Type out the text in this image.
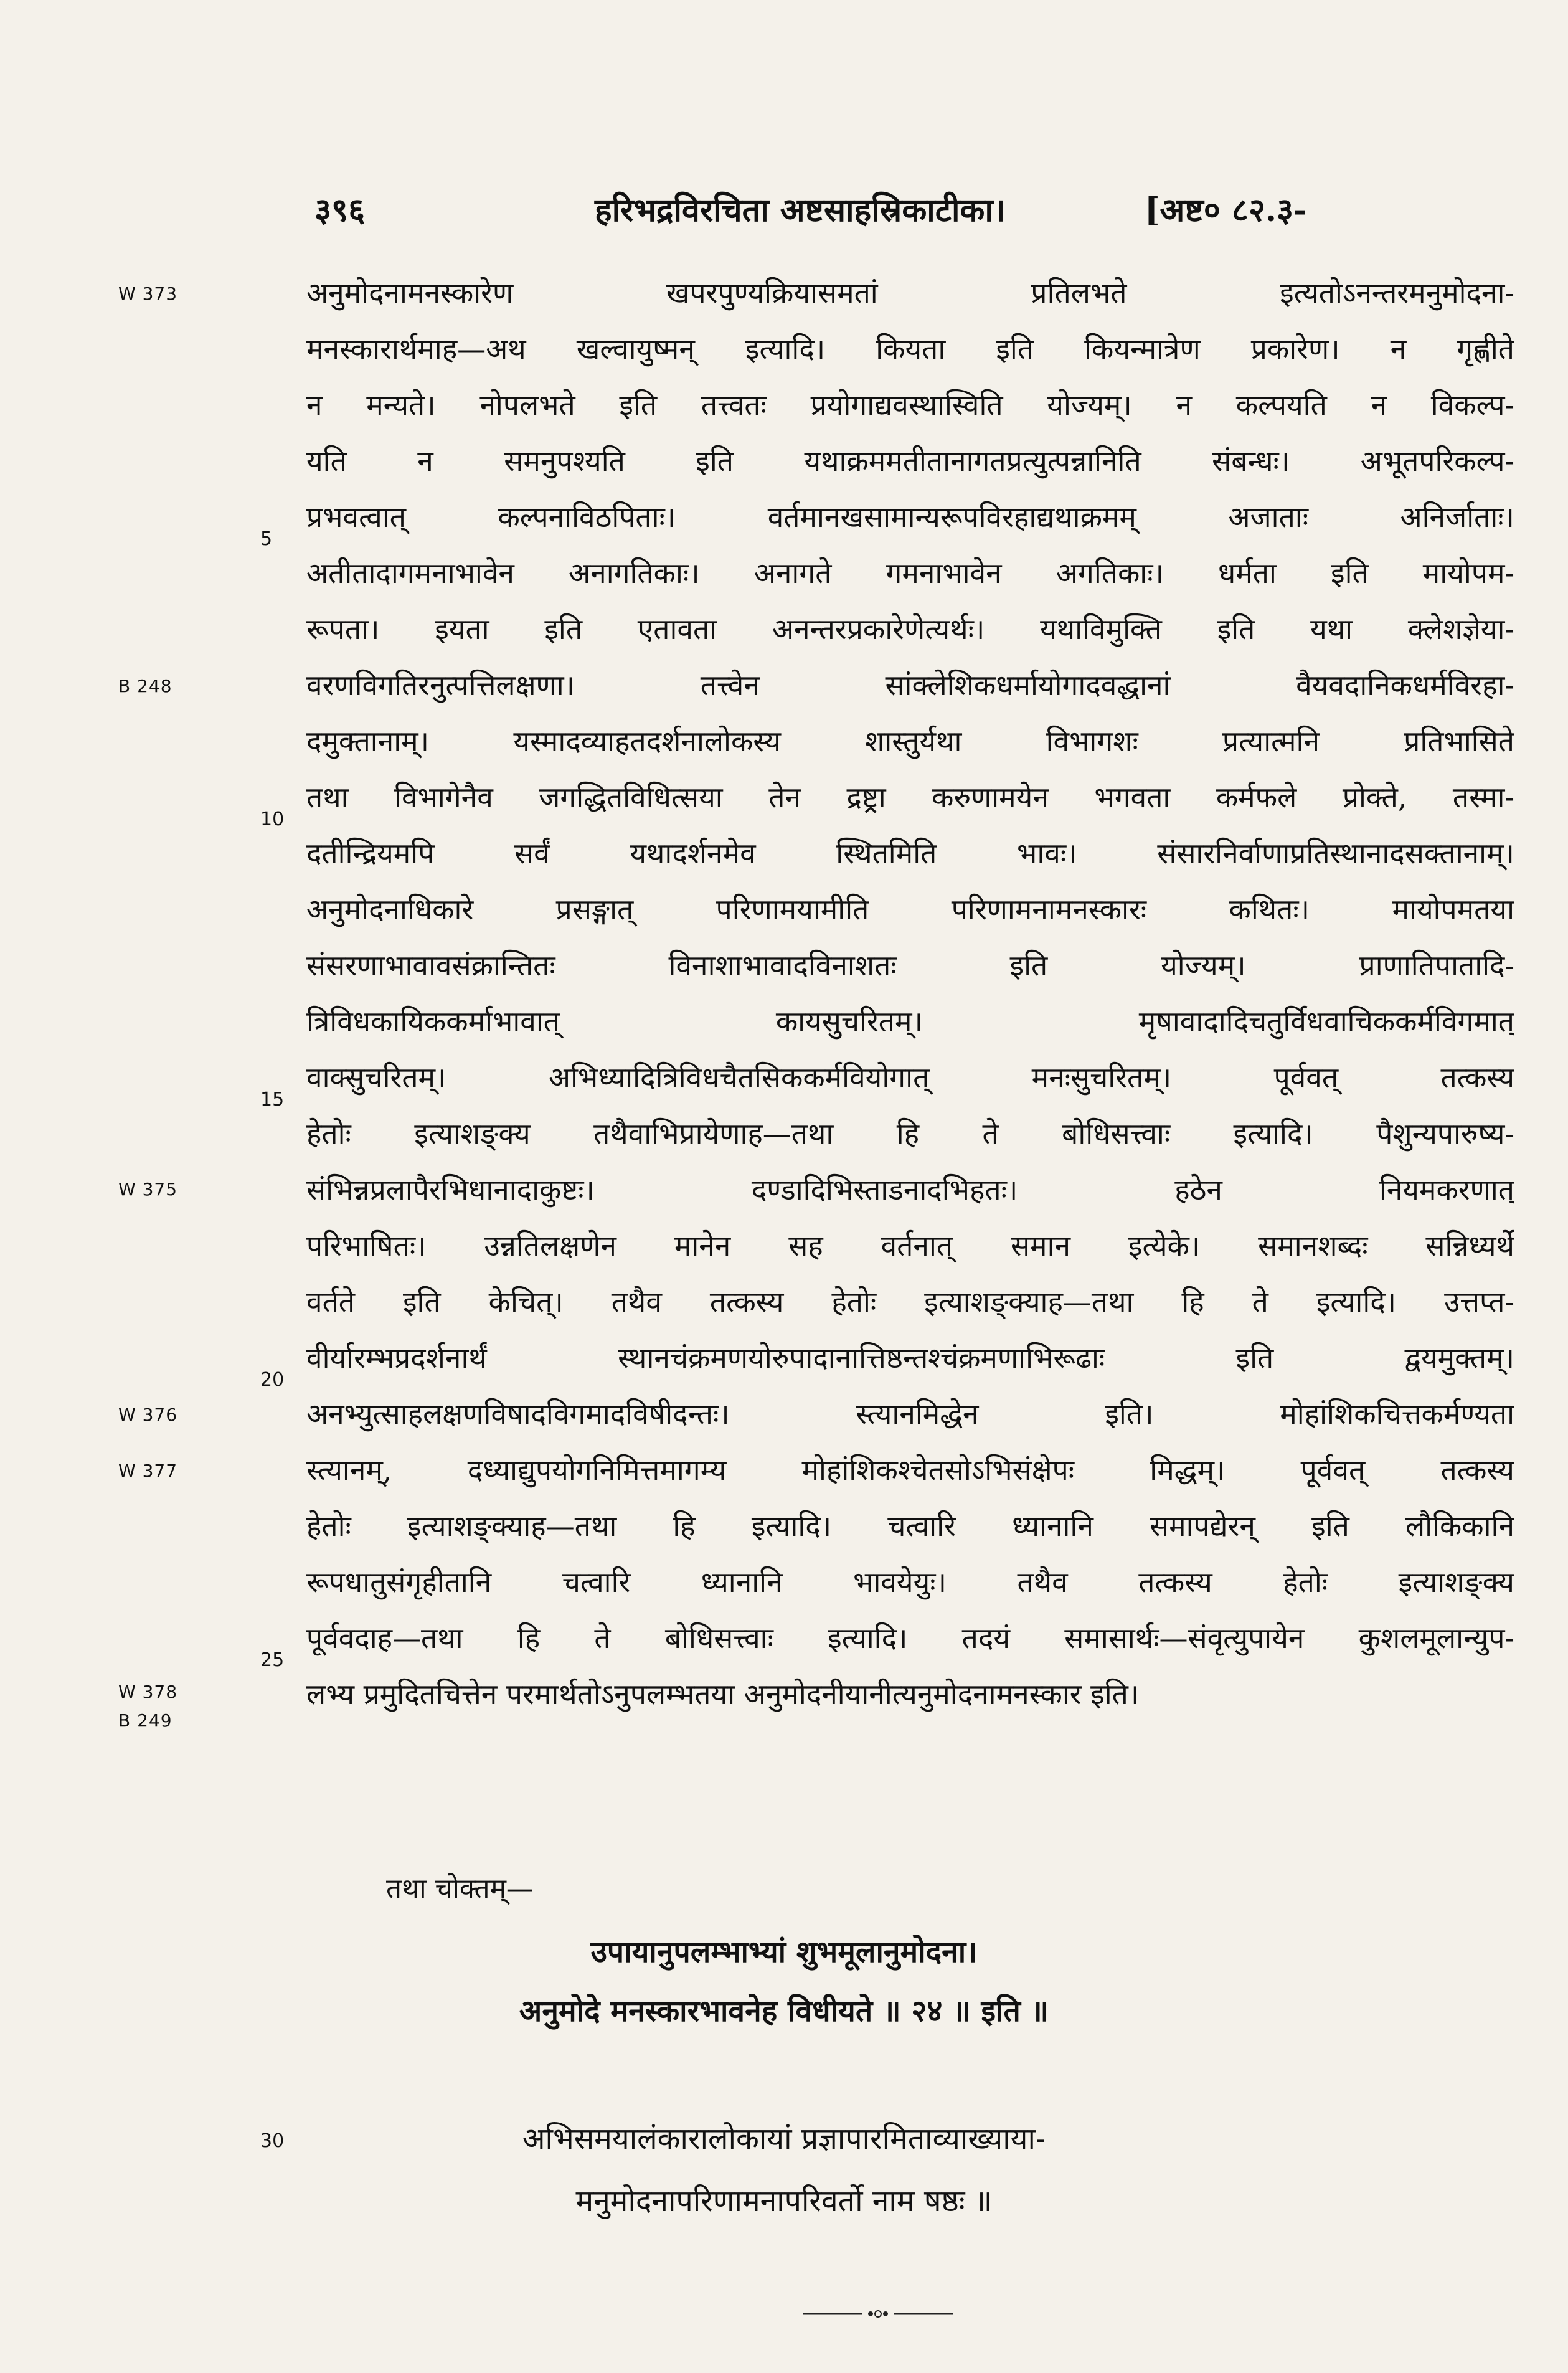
३९६	हरिभद्रविरचिता अष्टसाहस्रिकाटीका।	[अष्ट० ८२.३-
W 373
B 248
W 375
W 376
W 377
W 378
B 249
5
10
15
20
25
अनुमोदनामनस्कारेण खपरपुण्यक्रियासमतां प्रतिलभते इत्यतोऽनन्तरमनुमोदना-
मनस्कारार्थमाह—अथ खल्वायुष्मन् इत्यादि। कियता इति कियन्मात्रेण प्रकारेण। न गृह्णीते
न मन्यते। नोपलभते इति तत्त्वतः प्रयोगाद्यवस्थास्विति योज्यम्। न कल्पयति न विकल्प-
यति न समनुपश्यति इति यथाक्रममतीतानागतप्रत्युत्पन्नानिति संबन्धः। अभूतपरिकल्प-
प्रभवत्वात् कल्पनाविठपिताः। वर्तमानखसामान्यरूपविरहाद्यथाक्रमम् अजाताः अनिर्जाताः।
अतीतादागमनाभावेन अनागतिकाः। अनागते गमनाभावेन अगतिकाः। धर्मता इति मायोपम-
रूपता। इयता इति एतावता अनन्तरप्रकारेणेत्यर्थः। यथाविमुक्ति इति यथा क्लेशज्ञेया-
वरणविगतिरनुत्पत्तिलक्षणा। तत्त्वेन सांक्लेशिकधर्मायोगादवद्धानां वैयवदानिकधर्मविरहा-
दमुक्तानाम्। यस्मादव्याहतदर्शनालोकस्य शास्तुर्यथा विभागशः प्रत्यात्मनि प्रतिभासिते
तथा विभागेनैव जगद्धितविधित्सया तेन द्रष्ट्रा करुणामयेन भगवता कर्मफले प्रोक्ते, तस्मा-
दतीन्द्रियमपि सर्वं यथादर्शनमेव स्थितमिति भावः। संसारनिर्वाणाप्रतिस्थानादसक्तानाम्।
अनुमोदनाधिकारे प्रसङ्गात् परिणामयामीति परिणामनामनस्कारः कथितः। मायोपमतया
संसरणाभावावसंक्रान्तितः विनाशाभावादविनाशतः इति योज्यम्। प्राणातिपातादि-
त्रिविधकायिककर्माभावात् कायसुचरितम्। मृषावादादिचतुर्विधवाचिककर्मविगमात्
वाक्सुचरितम्। अभिध्यादित्रिविधचैतसिककर्मवियोगात् मनःसुचरितम्। पूर्ववत् तत्कस्य
हेतोः इत्याशङ्क्य तथैवाभिप्रायेणाह—तथा हि ते बोधिसत्त्वाः इत्यादि। पैशुन्यपारुष्य-
संभिन्नप्रलापैरभिधानादाकुष्टः। दण्डादिभिस्ताडनादभिहतः। हठेन नियमकरणात्
परिभाषितः। उन्नतिलक्षणेन मानेन सह वर्तनात् समान इत्येके। समानशब्दः सन्निध्यर्थे
वर्तते इति केचित्। तथैव तत्कस्य हेतोः इत्याशङ्क्याह—तथा हि ते इत्यादि। उत्तप्त-
वीर्यारम्भप्रदर्शनार्थं स्थानचंक्रमणयोरुपादानात्तिष्ठन्तश्चंक्रमणाभिरूढाः इति द्वयमुक्तम्।
अनभ्युत्साहलक्षणविषादविगमादविषीदन्तः। स्त्यानमिद्धेन इति। मोहांशिकचित्तकर्मण्यता
स्त्यानम्, दध्याद्युपयोगनिमित्तमागम्य मोहांशिकश्चेतसोऽभिसंक्षेपः मिद्धम्। पूर्ववत् तत्कस्य
हेतोः इत्याशङ्क्याह—तथा हि इत्यादि। चत्वारि ध्यानानि समापद्येरन् इति लौकिकानि
रूपधातुसंगृहीतानि चत्वारि ध्यानानि भावयेयुः। तथैव तत्कस्य हेतोः इत्याशङ्क्य
पूर्ववदाह—तथा हि ते बोधिसत्त्वाः इत्यादि। तदयं समासार्थः—संवृत्युपायेन कुशलमूलान्युप-
लभ्य प्रमुदितचित्तेन परमार्थतोऽनुपलम्भतया अनुमोदनीयानीत्यनुमोदनामनस्कार इति।
तथा चोक्तम्—
उपायानुपलम्भाभ्यां शुभमूलानुमोदना।
अनुमोदे मनस्कारभावनेह विधीयते ॥ २४ ॥ इति ॥
30	अभिसमयालंकारालोकायां प्रज्ञापारमिताव्याख्याया-
मनुमोदनापरिणामनापरिवर्तो नाम षष्ठः ॥
